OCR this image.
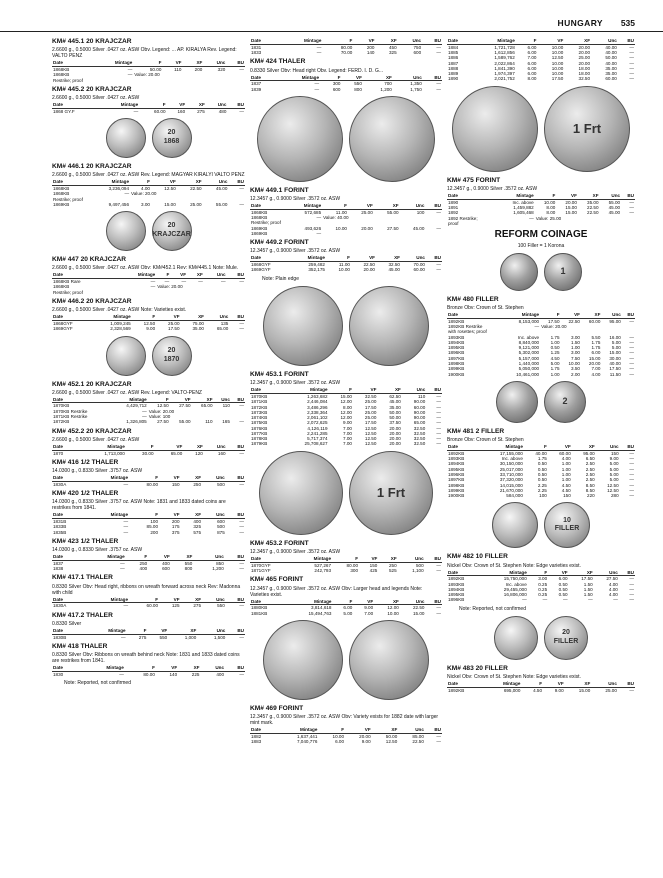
HUNGARY 535
KM# 445.1 20 KRAJCZAR
2.6600 g., 0.5000 Silver .0427 oz. ASW Obv. Legend: ... AP. KIRALYA Rev. Legend: VALTO PENZ
Date	Mintage	F	VF	XF	Unc	BU
1868KB	—	50.00	110	200	320	—
1868KB	—	Value: 20.00				
Restrike; proof						
KM# 445.2 20 KRAJCZAR
2.6600 g., 0.5000 Silver .0427 oz. ASW
Date	Mintage	F	VF	XF	Unc	BU
1868 GY.F	—	60.00	160	275	480	—
20
1868
KM# 446.1 20 KRAJCZAR
2.6600 g., 0.5000 Silver .0427 oz. ASW Rev. Legend: MAGYAR KIRALYI VALTO PENZ
Date	Mintage	F	VF	XF	Unc	BU
1868KB	3,236,094	4.00	12.50	22.50	45.00	—
1868KB	—	Value: 20.00				
Restrike; proof						
1869KB	9,497,456	3.00	15.00	25.00	55.00	—
20
KRAJCZAR
KM# 447 20 KRAJCZAR
2.6600 g., 0.5000 Silver .0427 oz. ASW Obv: KM#452.1 Rev: KM#445.1 Note: Mule.
Date	Mintage	F	VF	XF	Unc	BU
1868KB Rare	—	—	—	—	—	—
1868KB	—	Value: 20.00				
Restrike; proof						
KM# 446.2 20 KRAJCZAR
2.6600 g., 0.5000 Silver .0427 oz. ASW Note: Varieties exist.
Date	Mintage	F	VF	XF	Unc	BU
1868GYF	1,009,245	12.50	25.00	75.00	135	—
1869GYF	2,328,569	9.00	17.50	35.00	65.00	—
20
1870
KM# 452.1 20 KRAJCZAR
2.6600 g., 0.5000 Silver .0427 oz. ASW Rev. Legend: VALTO-PENZ
Date	Mintage	F	VF	XF	Unc	BU
1870KB	4,429,712	12.50	27.50	65.00	110	—
1870KB Restrike	—	Value: 20.00				
1871KB Restrike	—	Value: 100				
1872KB	1,326,805	27.50	55.00	110	165	—
KM# 452.2 20 KRAJCZAR
2.6600 g., 0.5000 Silver .0427 oz. ASW
Date	Mintage	F	VF	XF	Unc	BU
1870	1,713,000	30.00	65.00	120	160	—
KM# 416 1/2 THALER
14.0300 g., 0.8330 Silver .3757 oz. ASW
Date	Mintage	F	VF	XF	Unc	BU
1830A	—	80.00	150	250	500	—
KM# 420 1/2 THALER
14.0300 g., 0.8330 Silver .3757 oz. ASW Note: 1831 and 1833 dated coins are restrikes from 1841.
Date	Mintage	F	VF	XF	Unc	BU
1831B	—	100	200	400	600	—
1833B	—	85.00	175	325	500	—
1835B	—	200	375	575	875	—
KM# 423 1/2 THALER
14.0300 g., 0.8330 Silver .3757 oz. ASW
Date	Mintage	F	VF	XF	Unc	BU
1837	—	250	400	550	850	—
1838	—	400	600	800	1,200	—
KM# 417.1 THALER
0.8330 Silver Obv: Head right, ribbons on wreath forward across neck Rev: Madonna with child
Date	Mintage	F	VF	XF	Unc	BU
1830A	—	60.00	125	275	550	—
KM# 417.2 THALER
0.8330 Silver
Date	Mintage	F	VF	XF	Unc	BU
1830B	—	275	550	1,000	1,500	—
KM# 418 THALER
0.8330 Silver Obv: Ribbons on wreath behind neck Note: 1831 and 1833 dated coins are restrikes from 1841.
Date	Mintage	F	VF	XF	Unc	BU
1830	—	80.00	140	225	400	—
Note: Reported, not confirmed
Date	Mintage	F	VF	XF	Unc	BU
1831	—	80.00	200	450	750	—
1833	—	70.00	140	325	600	—
KM# 424 THALER
0.8330 Silver Obv: Head right Obv. Legend: FERD. I. D. G...
Date	Mintage	F	VF	XF	Unc	BU
1837	—	300	550	700	1,350	—
1839	—	600	800	1,200	1,750	—
KM# 449.1 FORINT
12.3457 g., 0.9000 Silver .3572 oz. ASW
Date	Mintage	F	VF	XF	Unc	BU
1868KB	572,685	11.00	25.00	55.00	100	—
1868KB	—	Value: 40.00				
Restrike; proof						
1869KB	493,626	10.00	20.00	27.50	45.00	—
1869KB	—					
KM# 449.2 FORINT
12.3457 g., 0.9000 Silver .3572 oz. ASW
Date	Mintage	F	VF	XF	Unc	BU
1868GYF	259,482	11.00	22.50	32.50	70.00	—
1869GYF	352,175	10.00	20.00	45.00	60.00	—
Note: Plain edge
KM# 453.1 FORINT
12.3457 g., 0.9000 Silver .3572 oz. ASW
Date	Mintage	F	VF	XF	Unc	BU
1870KB	1,263,682	15.00	32.50	62.50	110	—
1871KB	2,446,084	12.00	25.00	45.00	90.00	—
1872KB	3,486,296	8.00	17.50	35.00	60.00	—
1873KB	2,338,364	12.00	25.00	50.00	90.00	—
1874KB	2,061,102	12.00	25.00	50.00	90.00	—
1875KB	2,072,625	9.00	17.50	37.50	65.00	—
1876KB	4,126,119	7.00	12.50	20.00	32.50	—
1877KB	2,241,285	7.00	12.50	20.00	32.50	—
1878KB	5,717,374	7.00	12.50	20.00	32.50	—
1879KB	25,708,627	7.00	12.50	20.00	32.50	—
1 Frt
KM# 453.2 FORINT
12.3457 g., 0.9000 Silver .3572 oz. ASW
Date	Mintage	F	VF	XF	Unc	BU
1870GYF	527,267	80.00	150	250	500	—
1871GYF	242,793	300	425	525	1,100	—
KM# 465 FORINT
12.3457 g., 0.9000 Silver .3572 oz. ASW Obv: Larger head and legends Note: Varieties exist.
Date	Mintage	F	VF	XF	Unc	BU
1880KB	3,814,618	6.00	9.00	12.00	22.50	—
1881KB	15,494,763	5.00	7.00	10.00	15.00	—
KM# 469 FORINT
12.3457 g., 0.9000 Silver .3572 oz. ASW Obv: Variety exists for 1882 date with larger mint mark.
Date	Mintage	F	VF	XF	Unc	BU
1882	1,637,441	10.00	20.00	50.00	85.00	—
1883	7,040,776	6.00	9.00	12.50	22.50	—
Date	Mintage	F	VF	XF	Unc	BU
1884	1,721,728	6.00	10.00	20.00	40.00	—
1885	1,612,856	6.00	10.00	20.00	40.00	—
1886	1,589,762	7.00	12.50	25.00	50.00	—
1887	2,022,864	6.00	10.00	20.00	40.00	—
1888	1,841,390	6.00	10.00	18.00	35.00	—
1889	1,974,397	6.00	10.00	18.00	35.00	—
1890	2,021,752	8.00	17.50	32.50	60.00	—
1 Frt
KM# 475 FORINT
12.3457 g., 0.9000 Silver .3572 oz. ASW
Date	Mintage	F	VF	XF	Unc	BU
1890	Inc. above	10.00	20.00	35.00	55.00	—
1891	1,459,882	8.00	15.00	22.50	45.00	—
1892	1,605,468	8.00	15.00	22.50	45.00	—
1892 Restrike;	—	Value: 25.00				
proof						
REFORM COINAGE
100 Filler = 1 Korona
1
KM# 480 FILLER
Bronze Obv: Crown of St. Stephen
Date	Mintage	F	VF	XF	Unc	BU
1892KB	8,153,000	17.50	22.50	60.00	95.00	—
1892KB Restrike	—	Value: 20.00				
with rosettes; proof						
1893KB	Inc. above	1.75	3.00	5.50	16.00	—
1894KB	8,840,000	1.00	1.50	1.75	5.00	—
1895KB	9,121,000	0.50	1.00	1.75	5.00	—
1896KB	5,302,000	1.25	3.00	6.00	15.00	—
1897KB	5,157,000	4.50	7.50	15.00	30.00	—
1898KB	1,440,000	5.00	10.00	20.00	40.00	—
1899KB	5,050,000	1.75	3.50	7.00	17.50	—
1900KB	10,461,000	1.00	2.00	4.00	11.50	—
2
KM# 481 2 FILLER
Bronze Obv: Crown of St. Stephen
Date	Mintage	F	VF	XF	Unc	BU
1892KB	17,155,000	40.00	60.00	95.00	150	—
1893KB	Inc. above	1.75	4.00	6.50	9.00	—
1894KB	30,150,000	0.50	1.00	2.50	5.00	—
1895KB	25,017,000	0.50	1.00	2.50	5.00	—
1896KB	33,710,000	0.50	1.00	2.50	5.00	—
1897KB	37,320,000	0.50	1.00	2.50	5.00	—
1898KB	14,015,000	2.25	4.50	8.50	12.50	—
1899KB	21,670,000	2.25	4.50	8.50	12.50	—
1900KB	584,000	100	150	220	280	—
10
FILLER
KM# 482 10 FILLER
Nickel Obv: Crown of St. Stephen Note: Edge varieties exist.
Date	Mintage	F	VF	XF	Unc	BU
1892KB	15,750,000	3.00	6.00	17.50	27.50	—
1893KB	Inc. above	0.25	0.50	1.50	4.00	—
1894KB	29,455,000	0.25	0.50	1.50	4.00	—
1895KB	16,806,000	0.25	0.50	1.50	4.00	—
1896KB	—	—	—	—	—	—
Note: Reported, not confirmed
20
FILLER
KM# 483 20 FILLER
Nickel Obv: Crown of St. Stephen Note: Edge varieties exist.
Date	Mintage	F	VF	XF	Unc	BU
1892KB	695,000	4.50	9.00	15.00	25.00	—
